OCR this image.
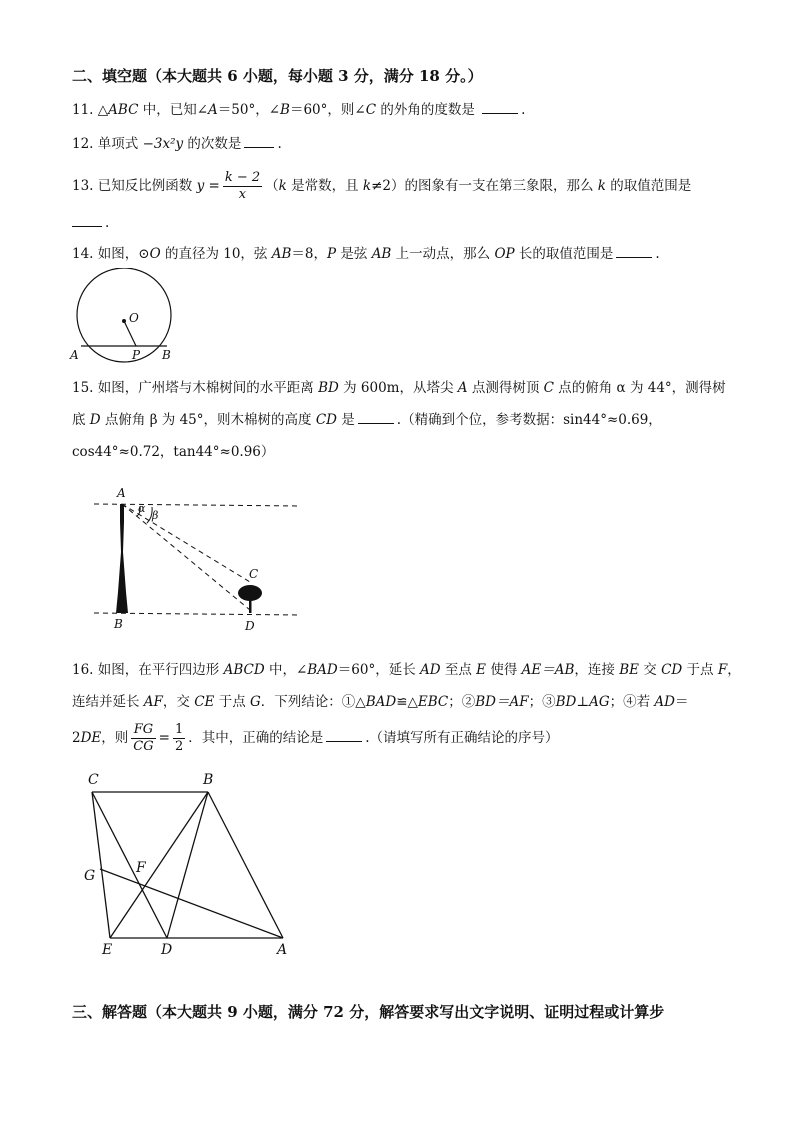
二、填空题（本大题共 6 小题，每小题 3 分，满分 18 分。）
11. △ABC 中，已知∠A＝50°，∠B＝60°，则∠C 的外角的度数是	.
12. 单项式 −3x²y 的次数是	.
13. 已知反比例函数 $y = \frac{k - 2}{x} (k$ 是常数，且 k≠2）的图象有一支在第三象限，那么 k 的取值范围是
.
14. 如图，⊙O 的直径为 10，弦 AB＝8，P 是弦 AB 上一动点，那么 OP 长的取值范围是	.
O
A	P B
15. 如图，广州塔与木棉树间的水平距离 BD 为 600m，从塔尖 A 点测得树顶 C 点的俯角 α 为 44°，测得树
底 D 点俯角 β 为 45°，则木棉树的高度 CD 是	.（精确到个位，参考数据：sin44°≈0.69，
cos44°≈0.72，tan44°≈0.96）
A
α
β
C
B	D
16. 如图，在平行四边形 ABCD 中，∠BAD＝60°，延长 AD 至点 E 使得 AE＝AB，连接 BE 交 CD 于点 F，
连结并延长 AF，交 CE 于点 G．下列结论：①△BAD≌△EBC；②BD＝AF；③BD⊥AG；④若 AD＝
2DE，则 $\frac{FG}{CG} = \frac{1}{2}$ ．其中，正确的结论是	.（请填写所有正确结论的序号）
C	B
F
G
E	D	A
三、解答题（本大题共 9 小题，满分 72 分，解答要求写出文字说明、证明过程或计算步
